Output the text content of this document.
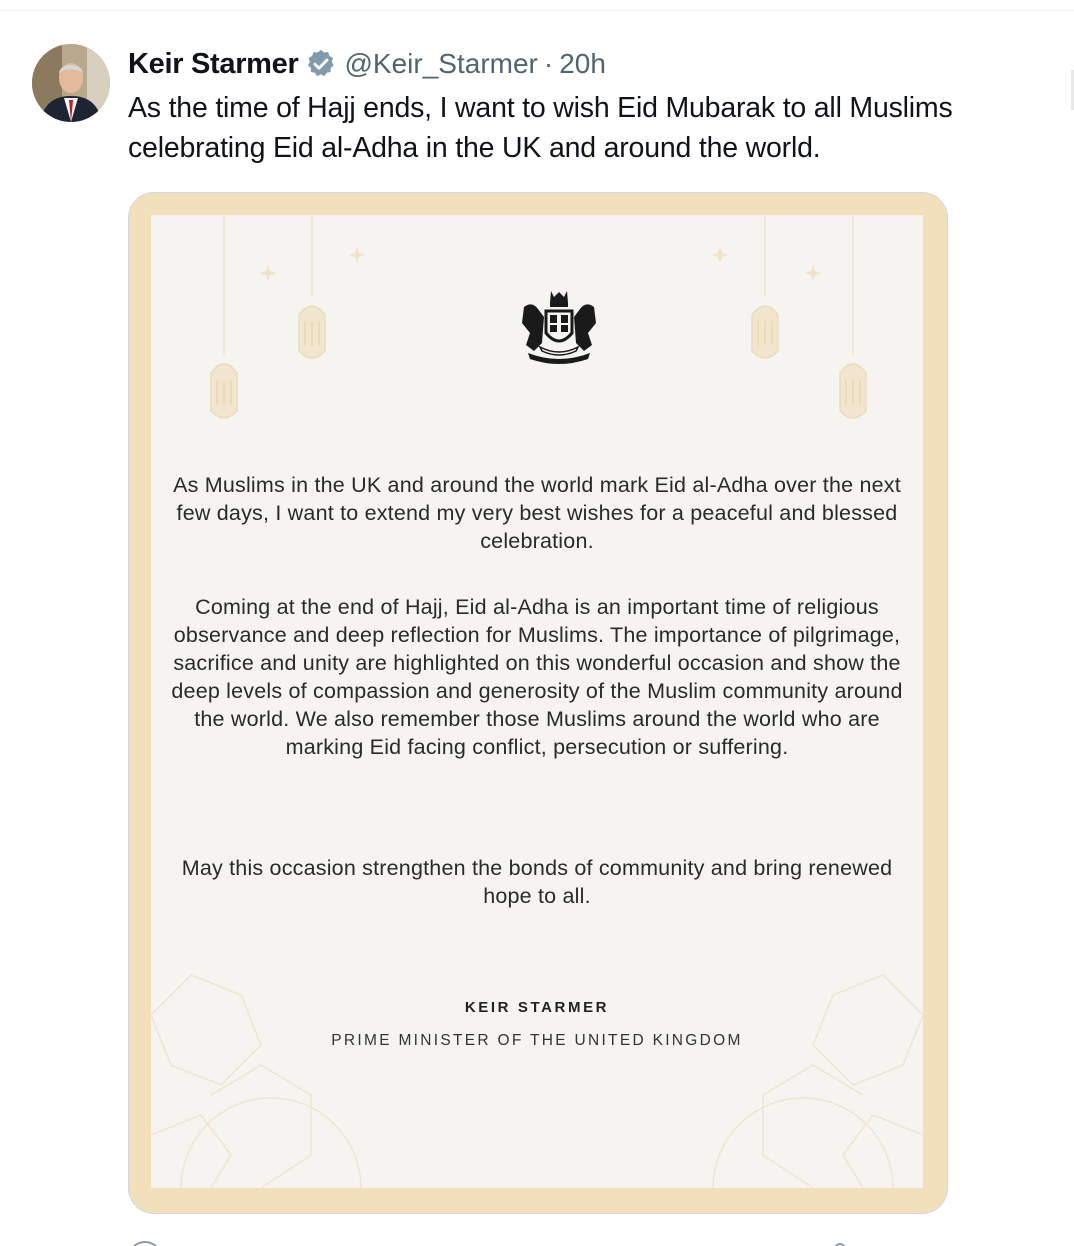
Keir Starmer @Keir_Starmer · 20h
As the time of Hajj ends, I want to wish Eid Mubarak to all Muslims celebrating Eid al-Adha in the UK and around the world.
As Muslims in the UK and around the world mark Eid al-Adha over the next few days, I want to extend my very best wishes for a peaceful and blessed celebration.
Coming at the end of Hajj, Eid al-Adha is an important time of religious observance and deep reflection for Muslims. The importance of pilgrimage, sacrifice and unity are highlighted on this wonderful occasion and show the deep levels of compassion and generosity of the Muslim community around the world. We also remember those Muslims around the world who are marking Eid facing conflict, persecution or suffering.
May this occasion strengthen the bonds of community and bring renewed hope to all.
KEIR STARMER
PRIME MINISTER OF THE UNITED KINGDOM
